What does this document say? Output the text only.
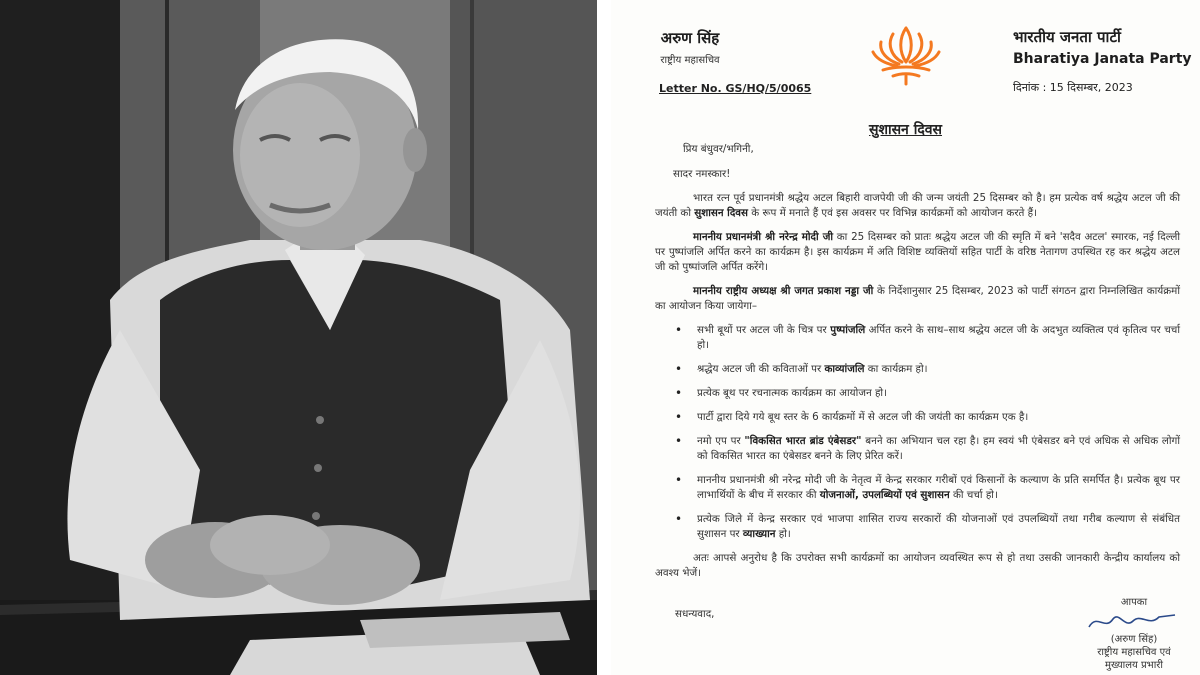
अरुण सिंह
राष्ट्रीय महासचिव
भारतीय जनता पार्टी
Bharatiya Janata Party
Letter No. GS/HQ/5/0065	दिनांक : 15 दिसम्बर, 2023
सुशासन दिवस

प्रिय बंधुवर/भगिनी,

सादर नमस्कार!

भारत रत्न पूर्व प्रधानमंत्री श्रद्धेय अटल बिहारी वाजपेयी जी की जन्म जयंती 25 दिसम्बर को है। हम प्रत्येक वर्ष श्रद्धेय अटल जी की जयंती को सुशासन दिवस के रूप में मनाते हैं एवं इस अवसर पर विभिन्न कार्यक्रमों को आयोजन करते हैं।

माननीय प्रधानमंत्री श्री नरेन्द्र मोदी जी का 25 दिसम्बर को प्रातः श्रद्धेय अटल जी की स्मृति में बने 'सदैव अटल' स्मारक, नई दिल्ली पर पुष्पांजलि अर्पित करने का कार्यक्रम है। इस कार्यक्रम में अति विशिष्ट व्यक्तियों सहित पार्टी के वरिष्ठ नेतागण उपस्थित रह कर श्रद्धेय अटल जी को पुष्पांजलि अर्पित करेंगे।

माननीय राष्ट्रीय अध्यक्ष श्री जगत प्रकाश नड्डा जी के निर्देशानुसार 25 दिसम्बर, 2023 को पार्टी संगठन द्वारा निम्नलिखित कार्यक्रमों का आयोजन किया जायेगा–

• सभी बूथों पर अटल जी के चित्र पर पुष्पांजलि अर्पित करने के साथ–साथ श्रद्धेय अटल जी के अदभुत व्यक्तित्व एवं कृतित्व पर चर्चा हो।
• श्रद्धेय अटल जी की कविताओं पर काव्यांजलि का कार्यक्रम हो।
• प्रत्येक बूथ पर रचनात्मक कार्यक्रम का आयोजन हो।
• पार्टी द्वारा दिये गये बूथ स्तर के 6 कार्यक्रमों में से अटल जी की जयंती का कार्यक्रम एक है।
• नमो एप पर "विकसित भारत ब्रांड एंबेसडर" बनने का अभियान चल रहा है। हम स्वयं भी एंबेसडर बने एवं अधिक से अधिक लोगों को विकसित भारत का एंबेसडर बनने के लिए प्रेरित करें।
• माननीय प्रधानमंत्री श्री नरेन्द्र मोदी जी के नेतृत्व में केन्द्र सरकार गरीबों एवं किसानों के कल्याण के प्रति समर्पित है। प्रत्येक बूथ पर लाभार्थियों के बीच में सरकार की योजनाओं, उपलब्धियों एवं सुशासन की चर्चा हो।
• प्रत्येक जिले में केन्द्र सरकार एवं भाजपा शासित राज्य सरकारों की योजनाओं एवं उपलब्धियों तथा गरीब कल्याण से संबंधित सुशासन पर व्याख्यान हो।

अतः आपसे अनुरोध है कि उपरोक्त सभी कार्यक्रमों का आयोजन व्यवस्थित रूप से हो तथा उसकी जानकारी केन्द्रीय कार्यालय को अवश्य भेजें।

सधन्यवाद,
आपका
(अरुण सिंह)
राष्ट्रीय महासचिव एवं
मुख्यालय प्रभारी
